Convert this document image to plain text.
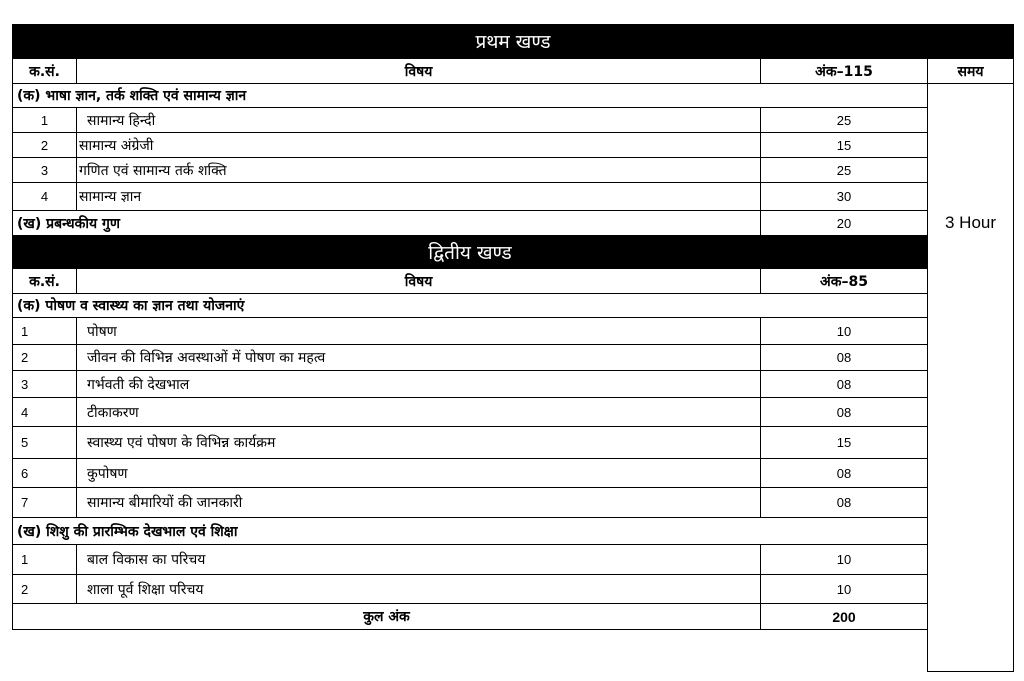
प्रथम खण्ड
क.सं.	विषय	अंक–115	समय
3 Hour
(क) भाषा ज्ञान, तर्क शक्ति एवं सामान्य ज्ञान
1	सामान्य हिन्दी	25
2	सामान्य अंग्रेजी	15
3	गणित एवं सामान्य तर्क शक्ति	25
4	सामान्य ज्ञान	30
(ख) प्रबन्धकीय गुण	20
द्वितीय खण्ड
क.सं.	विषय	अंक–85
(क) पोषण व स्वास्थ्य का ज्ञान तथा योजनाएं
1	पोषण	10
2	जीवन की विभिन्न अवस्थाओं में पोषण का महत्व	08
3	गर्भवती की देखभाल	08
4	टीकाकरण	08
5	स्वास्थ्य एवं पोषण के विभिन्न कार्यक्रम	15
6	कुपोषण	08
7	सामान्य बीमारियों की जानकारी	08
(ख) शिशु की प्रारम्भिक देखभाल एवं शिक्षा
1	बाल विकास का परिचय	10
2	शाला पूर्व शिक्षा परिचय	10
कुल अंक	200
